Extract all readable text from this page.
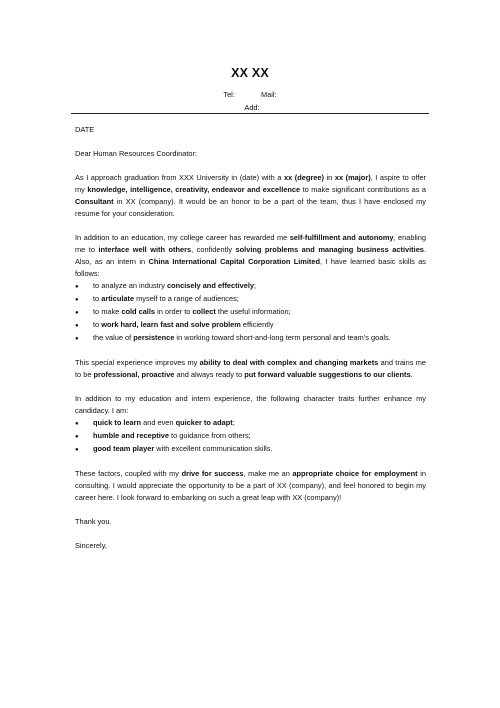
XX XX
Tel:	Mail:
Add:

DATE

Dear Human Resources Coordinator:

As I approach graduation from XXX University in (date) with a xx (degree) in xx (major), I aspire to offer my knowledge, intelligence, creativity, endeavor and excellence to make significant contributions as a Consultant in XX (company). It would be an honor to be a part of the team, thus I have enclosed my resume for your consideration.

In addition to an education, my college career has rewarded me self-fulfillment and autonomy, enabling me to interface well with others, confidently solving problems and managing business activities. Also, as an intern in China International Capital Corporation Limited, I have learned basic skills as follows:

●
to analyze an industry concisely and effectively;
●
to articulate myself to a range of audiences;
●
to make cold calls in order to collect the useful information;
●
to work hard, learn fast and solve problem efficiently
●
the value of persistence in working toward short-and-long term personal and team’s goals.

This special experience improves my ability to deal with complex and changing markets and trains me to be professional, proactive and always ready to put forward valuable suggestions to our clients.

In addition to my education and intern experience, the following character traits further enhance my candidacy. I am:

●
quick to learn and even quicker to adapt;
●
humble and receptive to guidance from others;
●
good team player with excellent communication skills.

These factors, coupled with my drive for success, make me an appropriate choice for employment in consulting. I would appreciate the opportunity to be a part of XX (company), and feel honored to begin my career here. I look forward to embarking on such a great leap with XX (company)!

Thank you.

Sincerely,
